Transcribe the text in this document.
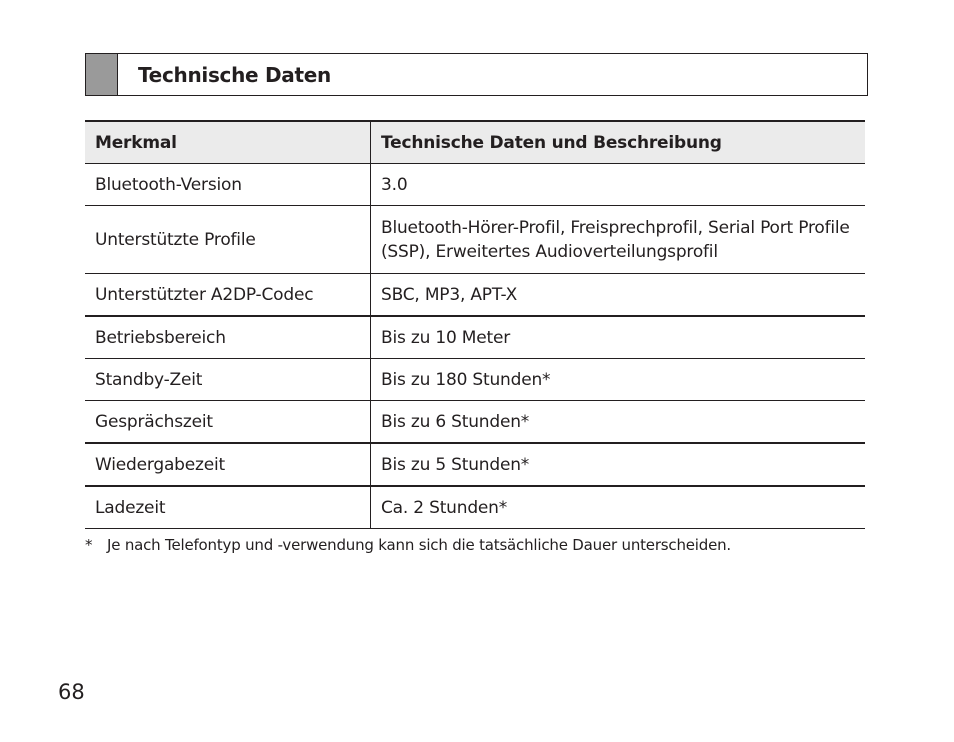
Technische Daten
Merkmal	Technische Daten und Beschreibung
Bluetooth-Version	3.0
Unterstützte Profile	Bluetooth-Hörer-Profil, Freisprechprofil, Serial Port Profile (SSP), Erweitertes Audioverteilungsprofil
Unterstützter A2DP-Codec	SBC, MP3, APT-X
Betriebsbereich	Bis zu 10 Meter
Standby-Zeit	Bis zu 180 Stunden*
Gesprächszeit	Bis zu 6 Stunden*
Wiedergabezeit	Bis zu 5 Stunden*
Ladezeit	Ca. 2 Stunden*
* Je nach Telefontyp und -verwendung kann sich die tatsächliche Dauer unterscheiden.
68
